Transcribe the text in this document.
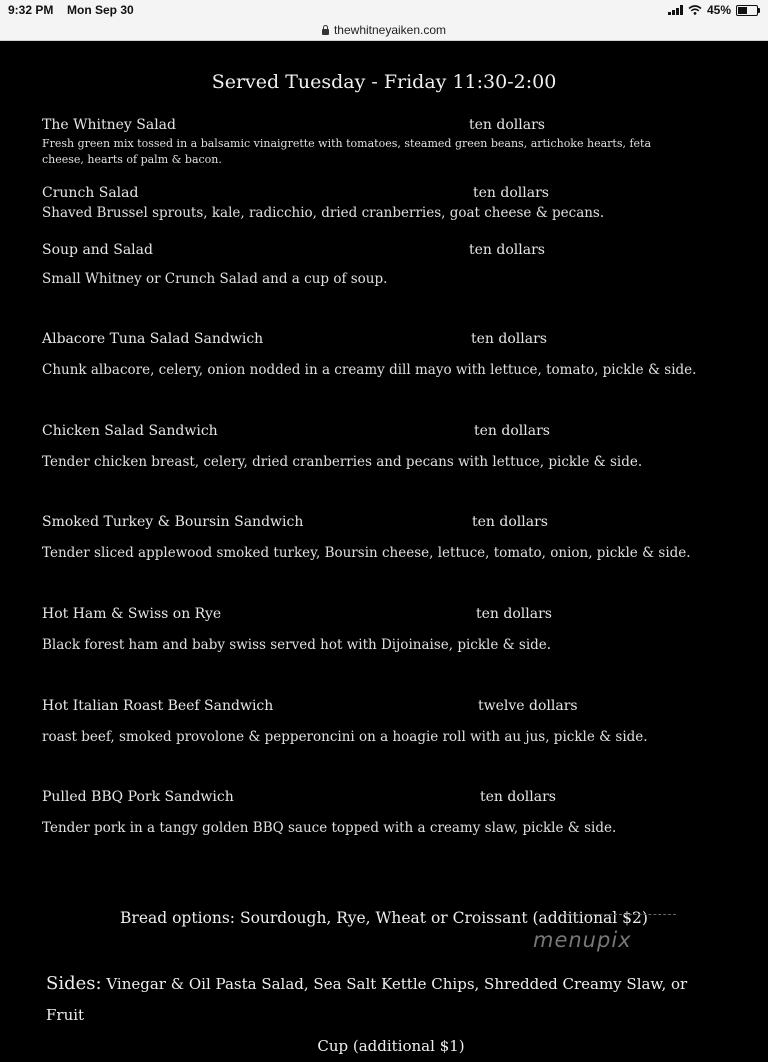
9:32 PM Mon Sep 30	45%
thewhitneyaiken.com
Served Tuesday - Friday 11:30-2:00
The Whitney Salad	ten dollars
Fresh green mix tossed in a balsamic vinaigrette with tomatoes, steamed green beans, artichoke hearts, feta cheese, hearts of palm & bacon.
Crunch Salad	ten dollars
Shaved Brussel sprouts, kale, radicchio, dried cranberries, goat cheese & pecans.
Soup and Salad	ten dollars
Small Whitney or Crunch Salad and a cup of soup.
Albacore Tuna Salad Sandwich	ten dollars
Chunk albacore, celery, onion nodded in a creamy dill mayo with lettuce, tomato, pickle & side.
Chicken Salad Sandwich	ten dollars
Tender chicken breast, celery, dried cranberries and pecans with lettuce, pickle & side.
Smoked Turkey & Boursin Sandwich	ten dollars
Tender sliced applewood smoked turkey, Boursin cheese, lettuce, tomato, onion, pickle & side.
Hot Ham & Swiss on Rye	ten dollars
Black forest ham and baby swiss served hot with Dijoinaise, pickle & side.
Hot Italian Roast Beef Sandwich	twelve dollars
roast beef, smoked provolone & pepperoncini on a hoagie roll with au jus, pickle & side.
Pulled BBQ Pork Sandwich	ten dollars
Tender pork in a tangy golden BBQ sauce topped with a creamy slaw, pickle & side.
Bread options: Sourdough, Rye, Wheat or Croissant (additional $2)
menupix
Sides: Vinegar & Oil Pasta Salad, Sea Salt Kettle Chips, Shredded Creamy Slaw, or Fruit
Cup (additional $1)
